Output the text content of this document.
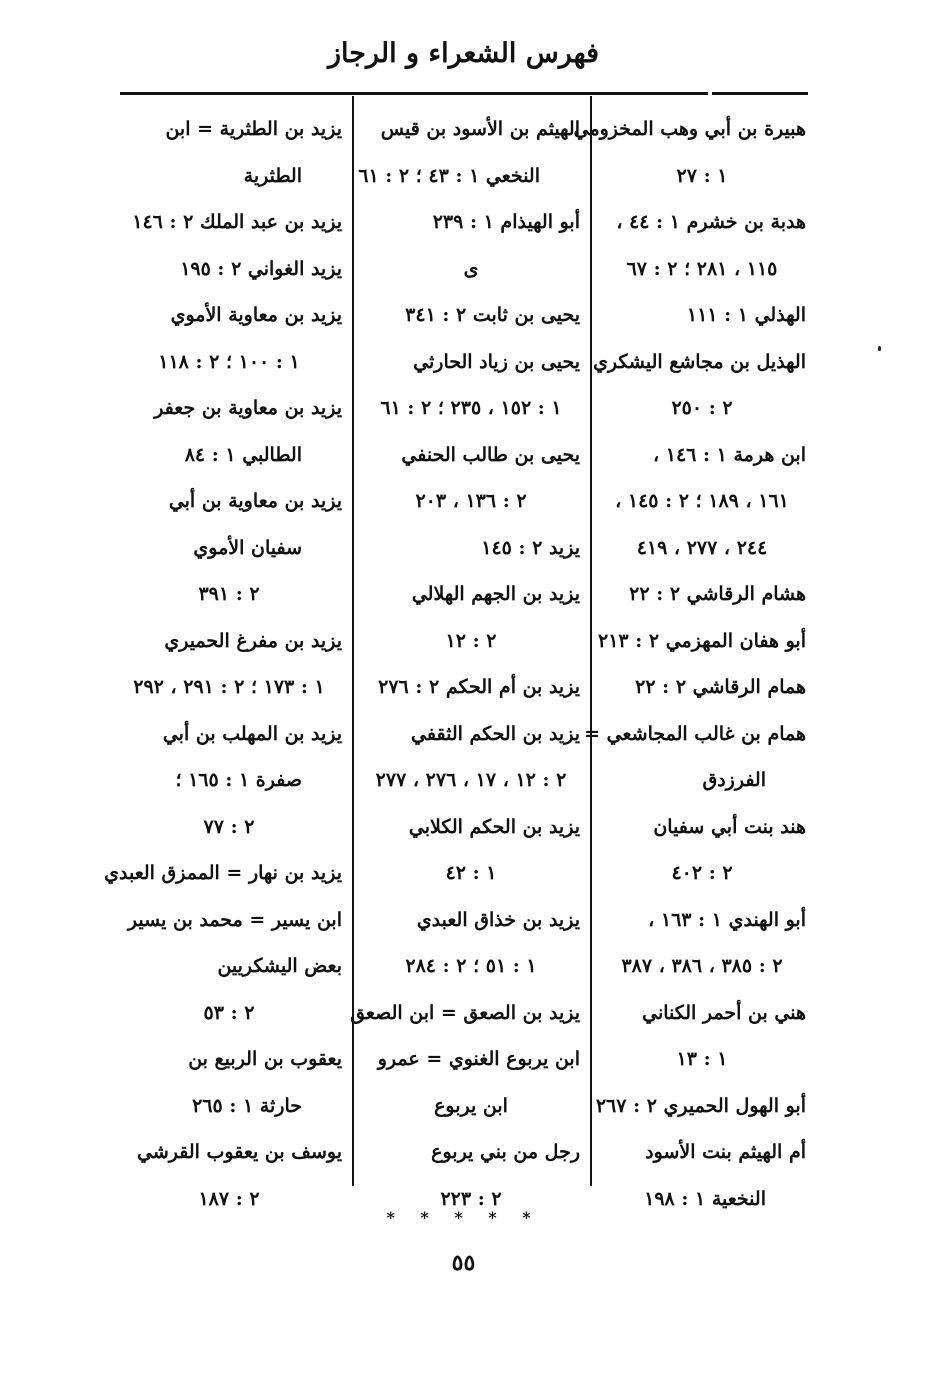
فهرس الشعراء و الرجاز
هبيرة بن أبي وهب المخزومي
١ : ٢٧
هدبة بن خشرم ١ : ٤٤ ،
١١٥ ، ٢٨١ ؛ ٢ : ٦٧
الهذلي ١ : ١١١
الهذيل بن مجاشع اليشكري
٢ : ٢٥٠
ابن هرمة ١ : ١٤٦ ،
١٦١ ، ١٨٩ ؛ ٢ : ١٤٥ ،
٢٤٤ ، ٢٧٧ ، ٤١٩
هشام الرقاشي ٢ : ٢٢
أبو هفان المهزمي ٢ : ٢١٣
همام الرقاشي ٢ : ٢٢
همام بن غالب المجاشعي =
الفرزدق
هند بنت أبي سفيان
٢ : ٤٠٢
أبو الهندي ١ : ١٦٣ ،
٢ : ٣٨٥ ، ٣٨٦ ، ٣٨٧
هني بن أحمر الكناني
١ : ١٣
أبو الهول الحميري ٢ : ٢٦٧
أم الهيثم بنت الأسود
النخعية ١ : ١٩٨
الهيثم بن الأسود بن قيس
النخعي ١ : ٤٣ ؛ ٢ : ٦١
أبو الهيذام ١ : ٢٣٩
ى
يحيى بن ثابت ٢ : ٣٤١
يحيى بن زياد الحارثي
١ : ١٥٢ ، ٢٣٥ ؛ ٢ : ٦١
يحيى بن طالب الحنفي
٢ : ١٣٦ ، ٢٠٣
يزيد ٢ : ١٤٥
يزيد بن الجهم الهلالي
٢ : ١٢
يزيد بن أم الحكم ٢ : ٢٧٦
يزيد بن الحكم الثقفي
٢ : ١٢ ، ١٧ ، ٢٧٦ ، ٢٧٧
يزيد بن الحكم الكلابي
١ : ٤٢
يزيد بن خذاق العبدي
١ : ٥١ ؛ ٢ : ٢٨٤
يزيد بن الصعق = ابن الصعق
ابن يربوع الغنوي = عمرو
ابن يربوع
رجل من بني يربوع
٢ : ٢٢٣
يزيد بن الطثرية = ابن
الطثرية
يزيد بن عبد الملك ٢ : ١٤٦
يزيد الغواني ٢ : ١٩٥
يزيد بن معاوية الأموي
١ : ١٠٠ ؛ ٢ : ١١٨
يزيد بن معاوية بن جعفر
الطالبي ١ : ٨٤
يزيد بن معاوية بن أبي
سفيان الأموي
٢ : ٣٩١
يزيد بن مفرغ الحميري
١ : ١٧٣ ؛ ٢ : ٢٩١ ، ٢٩٢
يزيد بن المهلب بن أبي
صفرة ١ : ١٦٥ ؛
٢ : ٧٧
يزيد بن نهار = الممزق العبدي
ابن يسير = محمد بن يسير
بعض اليشكريين
٢ : ٥٣
يعقوب بن الربيع بن
حارثة ١ : ٢٦٥
يوسف بن يعقوب القرشي
٢ : ١٨٧
* * * * *
٥٥
